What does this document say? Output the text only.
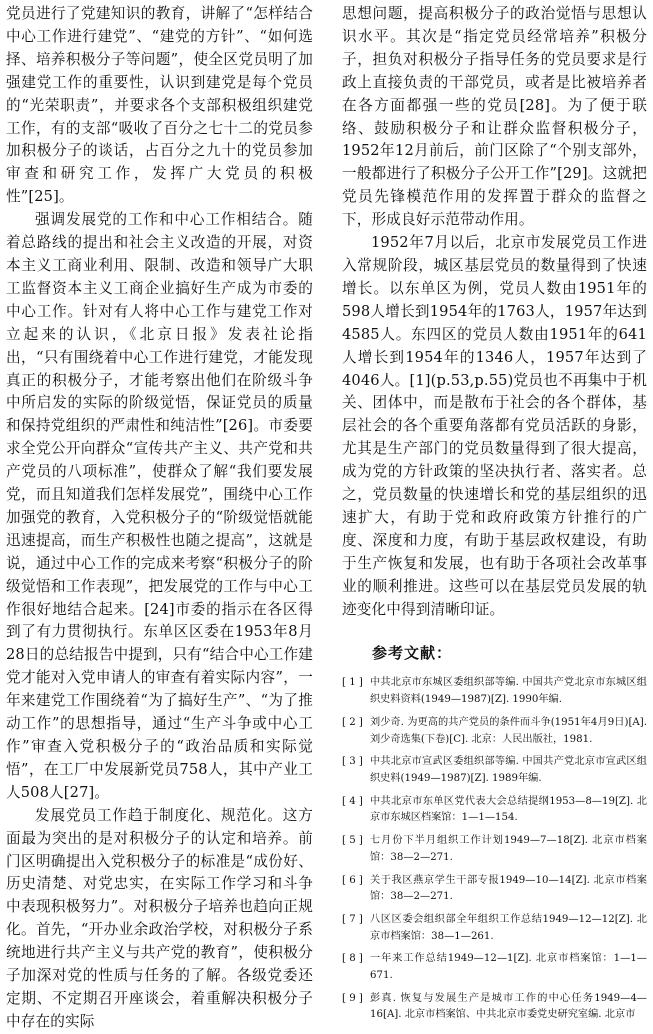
党员进行了党建知识的教育，讲解了“怎样结合中心工作进行建党”、“建党的方针”、“如何选择、培养积极分子等问题”，使全区党员明了加强建党工作的重要性，认识到建党是每个党员的“光荣职责”，并要求各个支部积极组织建党工作，有的支部“吸收了百分之七十二的党员参加积极分子的谈话，占百分之九十的党员参加审查和研究工作，发挥广大党员的积极性”[25]。

强调发展党的工作和中心工作相结合。随着总路线的提出和社会主义改造的开展，对资本主义工商业利用、限制、改造和领导广大职工监督资本主义工商企业搞好生产成为市委的中心工作。针对有人将中心工作与建党工作对立起来的认识，《北京日报》发表社论指出，“只有围绕着中心工作进行建党，才能发现真正的积极分子，才能考察出他们在阶级斗争中所启发的实际的阶级觉悟，保证党员的质量和保持党组织的严肃性和纯洁性”[26]。市委要求全党公开向群众“宣传共产主义、共产党和共产党员的八项标准”，使群众了解“我们要发展党，而且知道我们怎样发展党”，围绕中心工作加强党的教育，入党积极分子的“阶级觉悟就能迅速提高，而生产积极性也随之提高”，这就是说，通过中心工作的完成来考察“积极分子的阶级觉悟和工作表现”，把发展党的工作与中心工作很好地结合起来。[24]市委的指示在各区得到了有力贯彻执行。东单区区委在1953年8月28日的总结报告中提到，只有“结合中心工作建党才能对入党申请人的审查有着实际内容”，一年来建党工作围绕着“为了搞好生产”、“为了推动工作”的思想指导，通过“生产斗争或中心工作”审查入党积极分子的“政治品质和实际觉悟”，在工厂中发展新党员758人，其中产业工人508人[27]。

发展党员工作趋于制度化、规范化。这方面最为突出的是对积极分子的认定和培养。前门区明确提出入党积极分子的标准是“成份好、历史清楚、对党忠实，在实际工作学习和斗争中表现积极努力”。对积极分子培养也趋向正规化。首先，“开办业余政治学校，对积极分子系统地进行共产主义与共产党的教育”，使积极分子加深对党的性质与任务的了解。各级党委还定期、不定期召开座谈会，着重解决积极分子中存在的实际

思想问题，提高积极分子的政治觉悟与思想认识水平。其次是“指定党员经常培养”积极分子，担负对积极分子指导任务的党员要求是行政上直接负责的干部党员，或者是比被培养者在各方面都强一些的党员[28]。为了便于联络、鼓励积极分子和让群众监督积极分子，1952年12月前后，前门区除了“个别支部外，一般都进行了积极分子公开工作”[29]。这就把党员先锋模范作用的发挥置于群众的监督之下，形成良好示范带动作用。

1952年7月以后，北京市发展党员工作进入常规阶段，城区基层党员的数量得到了快速增长。以东单区为例，党员人数由1951年的598人增长到1954年的1763人，1957年达到4585人。东四区的党员人数由1951年的641人增长到1954年的1346人，1957年达到了4046人。[1](p.53,p.55)党员也不再集中于机关、团体中，而是散布于社会的各个群体，基层社会的各个重要角落都有党员活跃的身影，尤其是生产部门的党员数量得到了很大提高，成为党的方针政策的坚决执行者、落实者。总之，党员数量的快速增长和党的基层组织的迅速扩大，有助于党和政府政策方针推行的广度、深度和力度，有助于基层政权建设，有助于生产恢复和发展，也有助于各项社会改革事业的顺利推进。这些可以在基层党员发展的轨迹变化中得到清晰印证。

参考文献：
[ 1 ] 中共北京市东城区委组织部等编. 中国共产党北京市东城区组织史料资料(1949—1987)[Z]. 1990年编.
[ 2 ] 刘少奇. 为更高的共产党员的条件而斗争(1951年4月9日)[A]. 刘少奇选集(下卷)[C]. 北京：人民出版社，1981.
[ 3 ] 中共北京市宣武区委组织部等编. 中国共产党北京市宣武区组织史料(1949—1987)[Z]. 1989年编.
[ 4 ] 中共北京市东单区党代表大会总结提纲1953—8—19[Z]. 北京市东城区档案馆：1—1—154.
[ 5 ] 七月份下半月组织工作计划1949—7—18[Z]. 北京市档案馆：38—2—271.
[ 6 ] 关于我区燕京学生干部专报1949—10—14[Z]. 北京市档案馆：38—2—271.
[ 7 ] 八区区委会组织部全年组织工作总结1949—12—12[Z]. 北京市档案馆：38—1—261.
[ 8 ] 一年来工作总结1949—12—1[Z]. 北京市档案馆：1—1—671.
[ 9 ] 彭真. 恢复与发展生产是城市工作的中心任务1949—4—16[A]. 北京市档案馆、中共北京市委党史研究室编. 北京市
